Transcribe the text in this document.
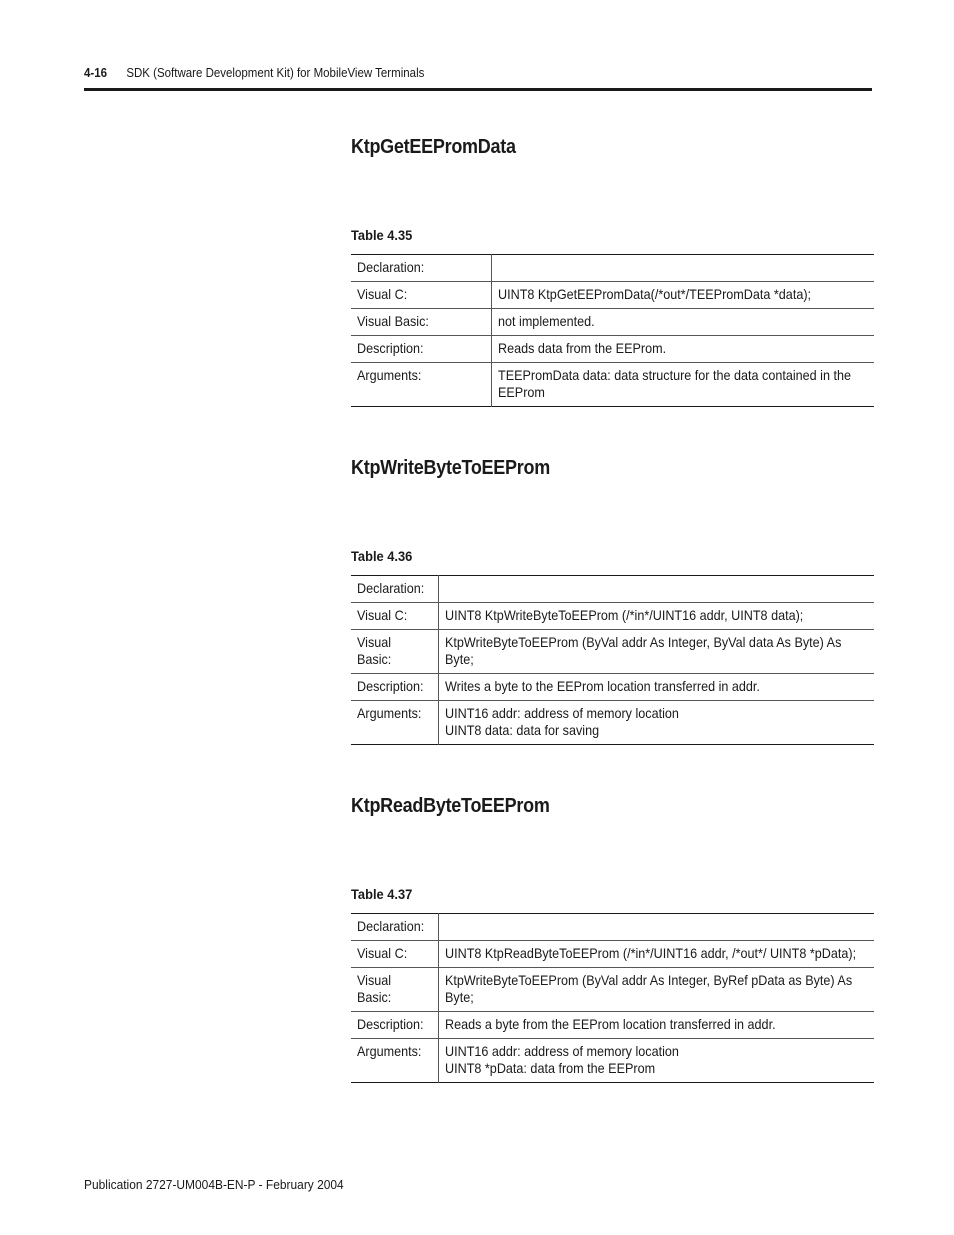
4-16 SDK (Software Development Kit) for MobileView Terminals
KtpGetEEPromData
Table 4.35
Declaration:	

Visual C:	UINT8 KtpGetEEPromData(/*out*/TEEPromData *data);

Visual Basic:	not implemented.

Description:	Reads data from the EEProm.

Arguments:	TEEPromData data: data structure for the data contained in the EEProm
KtpWriteByteToEEProm
Table 4.36
Declaration:	

Visual C:	UINT8 KtpWriteByteToEEProm (/*in*/UINT16 addr, UINT8 data);

Visual Basic:	KtpWriteByteToEEProm (ByVal addr As Integer, ByVal data As Byte) As Byte;

Description:	Writes a byte to the EEProm location transferred in addr.

Arguments:	UINT16 addr: address of memory location
UINT8 data: data for saving
KtpReadByteToEEProm
Table 4.37
Declaration:	

Visual C:	UINT8 KtpReadByteToEEProm (/*in*/UINT16 addr, /*out*/ UINT8 *pData);

Visual Basic:	KtpWriteByteToEEProm (ByVal addr As Integer, ByRef pData as Byte) As Byte;

Description:	Reads a byte from the EEProm location transferred in addr.

Arguments:	UINT16 addr: address of memory location
UINT8 *pData: data from the EEProm
Publication 2727-UM004B-EN-P - February 2004
